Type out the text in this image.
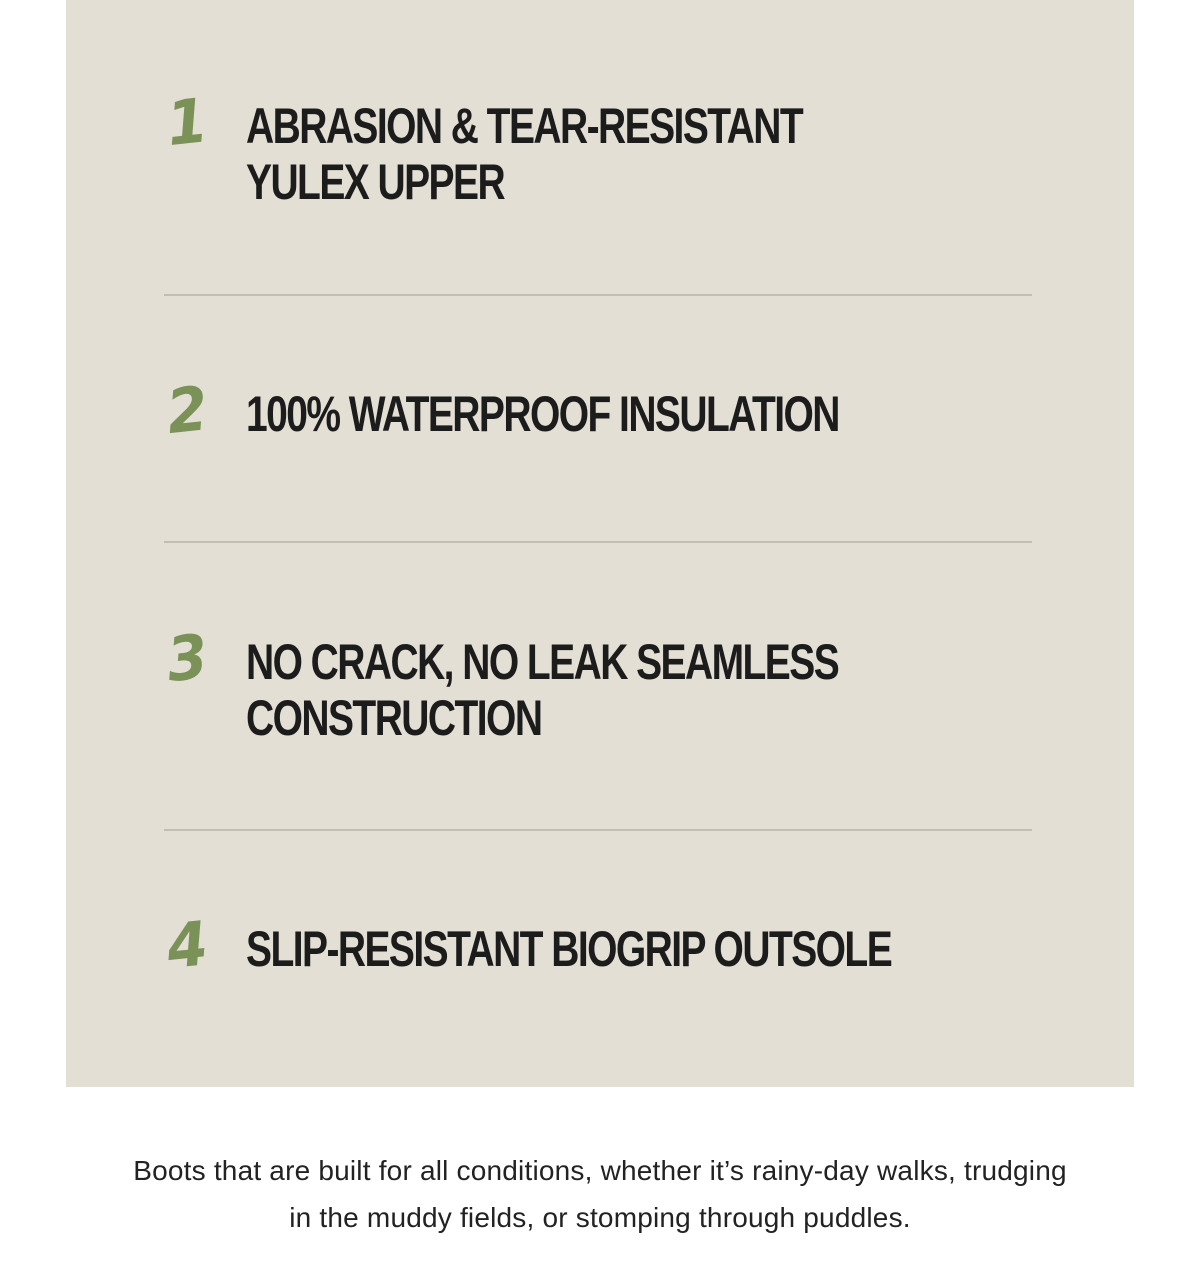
1 ABRASION & TEAR-RESISTANT YULEX UPPER
2 100% WATERPROOF INSULATION
3 NO CRACK, NO LEAK SEAMLESS CONSTRUCTION
4 SLIP-RESISTANT BIOGRIP OUTSOLE

Boots that are built for all conditions, whether it’s rainy-day walks, trudging in the muddy fields, or stomping through puddles.
